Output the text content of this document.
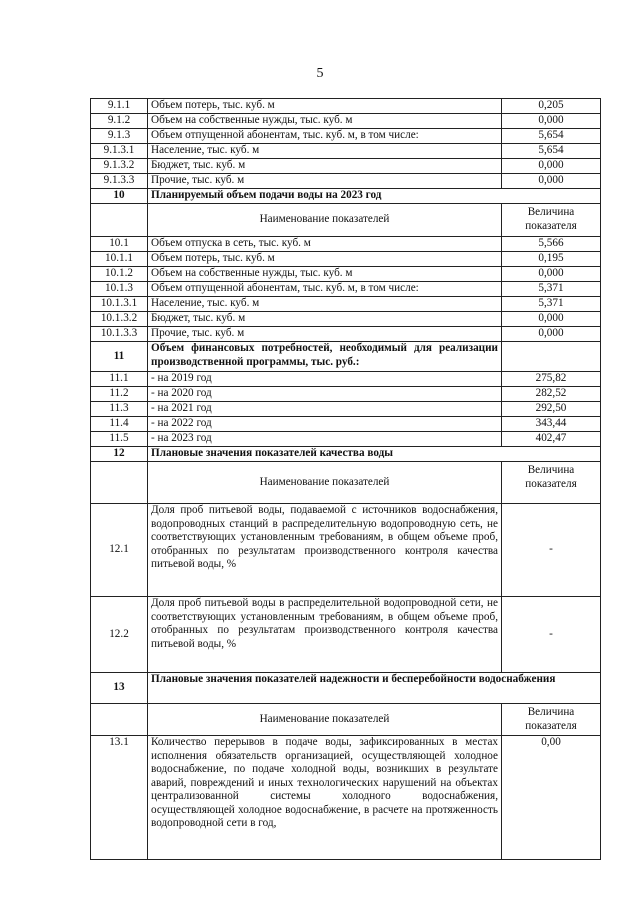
5
9.1.1	Объем потерь, тыс. куб. м	0,205
9.1.2	Объем на собственные нужды, тыс. куб. м	0,000
9.1.3	Объем отпущенной абонентам, тыс. куб. м, в том числе:	5,654
9.1.3.1	Население, тыс. куб. м	5,654
9.1.3.2	Бюджет, тыс. куб. м	0,000
9.1.3.3	Прочие, тыс. куб. м	0,000
10	Планируемый объем подачи воды на 2023 год	
	Наименование показателей	Величина показателя
10.1	Объем отпуска в сеть, тыс. куб. м	5,566
10.1.1	Объем потерь, тыс. куб. м	0,195
10.1.2	Объем на собственные нужды, тыс. куб. м	0,000
10.1.3	Объем отпущенной абонентам, тыс. куб. м, в том числе:	5,371
10.1.3.1	Население, тыс. куб. м	5,371
10.1.3.2	Бюджет, тыс. куб. м	0,000
10.1.3.3	Прочие, тыс. куб. м	0,000
11	Объем финансовых потребностей, необходимый для реализации производственной программы, тыс. руб.:	
11.1	- на 2019 год	275,82
11.2	- на 2020 год	282,52
11.3	- на 2021 год	292,50
11.4	- на 2022 год	343,44
11.5	- на 2023 год	402,47
12	Плановые значения показателей качества воды	
	Наименование показателей	Величина показателя
12.1	Доля проб питьевой воды, подаваемой с источников водоснабжения, водопроводных станций в распределительную водопроводную сеть, не соответствующих установленным требованиям, в общем объеме проб, отобранных по результатам производственного контроля качества питьевой воды, %	-
12.2	Доля проб питьевой воды в распределительной водопроводной сети, не соответствующих установленным требованиям, в общем объеме проб, отобранных по результатам производственного контроля качества питьевой воды, %	-
13	Плановые значения показателей надежности и бесперебойности водоснабжения	
	Наименование показателей	Величина показателя
13.1	Количество перерывов в подаче воды, зафиксированных в местах исполнения обязательств организацией, осуществляющей холодное водоснабжение, по подаче холодной воды, возникших в результате аварий, повреждений и иных технологических нарушений на объектах централизованной системы холодного водоснабжения, осуществляющей холодное водоснабжение, в расчете на протяженность водопроводной сети в год,	0,00
